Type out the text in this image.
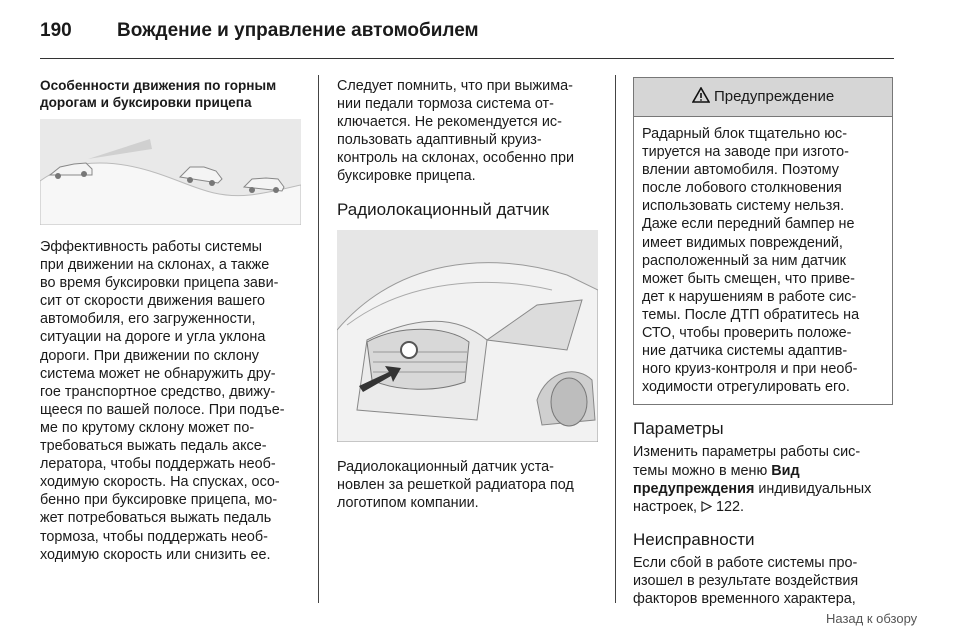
190 Вождение и управление автомобилем
Особенности движения по горным
дорогам и буксировки прицепа
Эффективность работы системы
при движении на склонах, а также
во время буксировки прицепа зави-
сит от скорости движения вашего
автомобиля, его загруженности,
ситуации на дороге и угла уклона
дороги. При движении по склону
система может не обнаружить дру-
гое транспортное средство, движу-
щееся по вашей полосе. При подъе-
ме по крутому склону может по-
требоваться выжать педаль аксе-
лератора, чтобы поддержать необ-
ходимую скорость. На спусках, осо-
бенно при буксировке прицепа, мо-
жет потребоваться выжать педаль
тормоза, чтобы поддержать необ-
ходимую скорость или снизить ее.
Следует помнить, что при выжима-
нии педали тормоза система от-
ключается. Не рекомендуется ис-
пользовать адаптивный круиз-
контроль на склонах, особенно при
буксировке прицепа.
Радиолокационный датчик
Радиолокационный датчик уста-
новлен за решеткой радиатора под
логотипом компании.
Предупреждение
Радарный блок тщательно юс-
тируется на заводе при изгото-
влении автомобиля. Поэтому
после лобового столкновения
использовать систему нельзя.
Даже если передний бампер не
имеет видимых повреждений,
расположенный за ним датчик
может быть смещен, что приве-
дет к нарушениям в работе сис-
темы. После ДТП обратитесь на
СТО, чтобы проверить положе-
ние датчика системы адаптив-
ного круиз-контроля и при необ-
ходимости отрегулировать его.
Параметры
Изменить параметры работы сис-
темы можно в меню Вид
предупреждения индивидуальных
настроек,  122.
Неисправности
Если сбой в работе системы про-
изошел в результате воздействия
факторов временного характера,
Назад к обзору
